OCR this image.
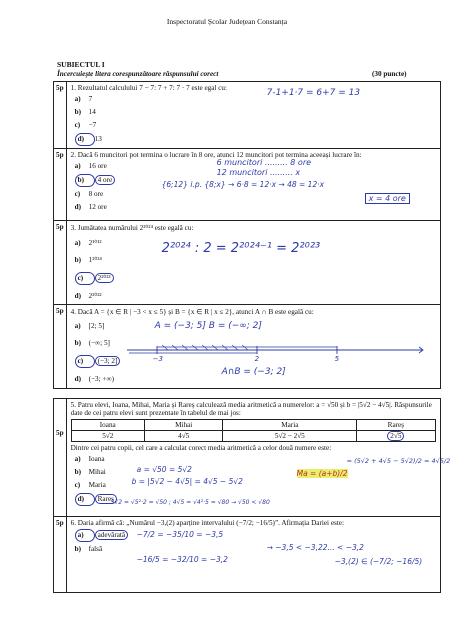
Inspectoratul Școlar Județean Constanța
SUBIECTUL I
Încercuiește litera corespunzătoare răspunsului corect	(30 puncte)
5p	1. Rezultatul calculului 7 − 7: 7 + 7: 7 · 7 este egal cu:
a) 7
b) 14
c) −7
d) 13
7-1+1·7 = 6+7 = 13

5p	2. Dacă 6 muncitori pot termina o lucrare în 8 ore, atunci 12 muncitori pot termina aceeași lucrare în:
a) 16 ore
b) 4 ore
c) 8 ore
d) 12 ore
6 muncitori ......... 8 ore
12 muncitori ......... x
{6;12} i.p. {8;x} → 6·8 = 12·x → 48 = 12·x
x = 4 ore

5p	3. Jumătatea numărului 2²⁰²⁴ este egală cu:
a) 2¹⁰¹²
b) 1²⁰²⁴
c) 2²⁰²³
d) 2²⁰²²
2²⁰²⁴ : 2 = 2²⁰²⁴⁻¹ = 2²⁰²³

5p	4. Dacă A = {x ∈ R | −3 < x ≤ 5} și B = {x ∈ R | x ≤ 2}, atunci A ∩ B este egală cu:
a) [2; 5]
b) (−∞; 5]
c) (−3; 2]
d) (−3; +∞)
A = (−3; 5] B = (−∞; 2]
−3	2	5
A∩B = (−3; 2]

5p	
5. Patru elevi, Ioana, Mihai, Maria și Rareș calculează media aritmetică a numerelor: a = √50 și b = |5√2 − 4√5|. Răspunsurile date de cei patru elevi sunt prezentate în tabelul de mai jos:
Ioana	Mihai	Maria	Rareș
5√2	4√5	5√2 − 2√5	2√5
Dintre cei patru copii, cel care a calculat corect media aritmetică a celor două numere este:
a) Ioana
b) Mihai
c) Maria
d) Rareș
a = √50 = 5√2
b = |5√2 − 4√5| = 4√5 − 5√2
Ma = (a+b)/2
= (5√2 + 4√5 − 5√2)/2 = 4√5/2
5√2 = √5²·2 = √50 ; 4√5 = √4²·5 = √80 → √50 < √80

5p	6. Daria afirmă că: „Numărul −3,(2) aparține intervalului (−7/2; −16/5)”. Afirmația Dariei este:
a) adevărată
b) falsă
−7/2 = −35/10 = −3,5
−16/5 = −32/10 = −3,2
→ −3,5 < −3,22... < −3,2
−3,(2) ∈ (−7/2; −16/5)
